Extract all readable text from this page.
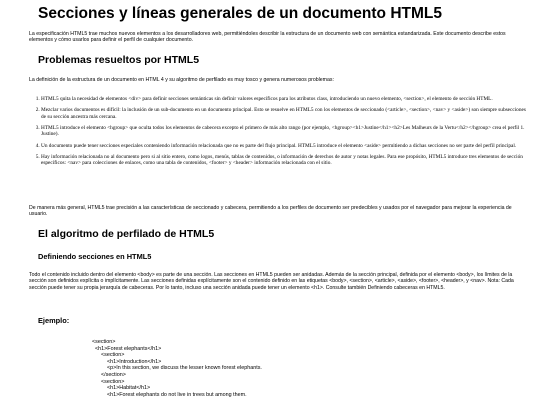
Secciones y líneas generales de un documento HTML5

La especificación HTML5 trae muchos nuevos elementos a los desarrolladores web, permitiéndoles describir la estructura de un documento web con semántica estandarizada. Este documento describe estos elementos y cómo usarlos para definir el perfil de cualquier documento.

Problemas resueltos por HTML5

La definición de la estructura de un documento en HTML 4 y su algoritmo de perfilado es muy tosco y genera numerosos problemas:

1. HTML5 quita la necesidad de elementos <div> para definir secciones semánticas sin definir valores específicos para los atributos class, introduciendo un nuevo elemento, <section>, el elemento de sección HTML.
2. Mezclar varios documentos es difícil: la inclusión de un sub-documento en un documento principal. Esto se resuelve en HTML5 con los elementos de seccionado (<article>, <section>, <nav> y <aside>) son siempre subsecciones de su sección ancestra más cercana.
3. HTML5 introduce el elemento <hgroup> que oculta todos los elementos de cabecera excepto el primero de más alto rango (por ejemplo, <hgroup><h1>Justine</h1><h2>Les Malheurs de la Vertu</h2></hgroup> crea el perfil 1. Justine).
4. Un documento puede tener secciones especiales conteniendo información relacionada que no es parte del flujo principal. HTML5 introduce el elemento <aside> permitiendo a dichas secciones no ser parte del perfil principal.
5. Hay información relacionada no al documento pero si al sitio entero, como logos, menús, tablas de contenidos, o información de derechos de autor y notas legales. Para ese propósito, HTML5 introduce tres elementos de sección específicos: <nav> para colecciones de enlaces, como una tabla de contenidos, <footer> y <header> información relacionada con el sitio.

De manera más general, HTML5 trae precisión a las características de seccionado y cabecera, permitiendo a los perfiles de documento ser predecibles y usados por el navegador para mejorar la experiencia de usuario.

El algoritmo de perfilado de HTML5
Definiendo secciones en HTML5

Todo el contenido incluido dentro del elemento <body> es parte de una sección. Las secciones en HTML5 pueden ser anidadas. Además de la sección principal, definida por el elemento <body>, los límites de la sección son definidos explícita o implícitamente. Las secciones definidas explícitamente son el contenido definido en las etiquetas <body>, <section>, <article>, <aside>, <footer>, <header>, y <nav>. Nota: Cada sección puede tener su propia jerarquía de cabeceras. Por lo tanto, incluso una sección anidada puede tener un elemento <h1>. Consulte también Definiendo cabeceras en HTML5.

Ejemplo:
<section>
<h1>Forest elephants</h1>
<section>
<h1>Introduction</h1>
<p>In this section, we discuss the lesser known forest elephants.
</section>
<section>
<h1>Habitat</h1>
<h1>Forest elephants do not live in trees but among them.
